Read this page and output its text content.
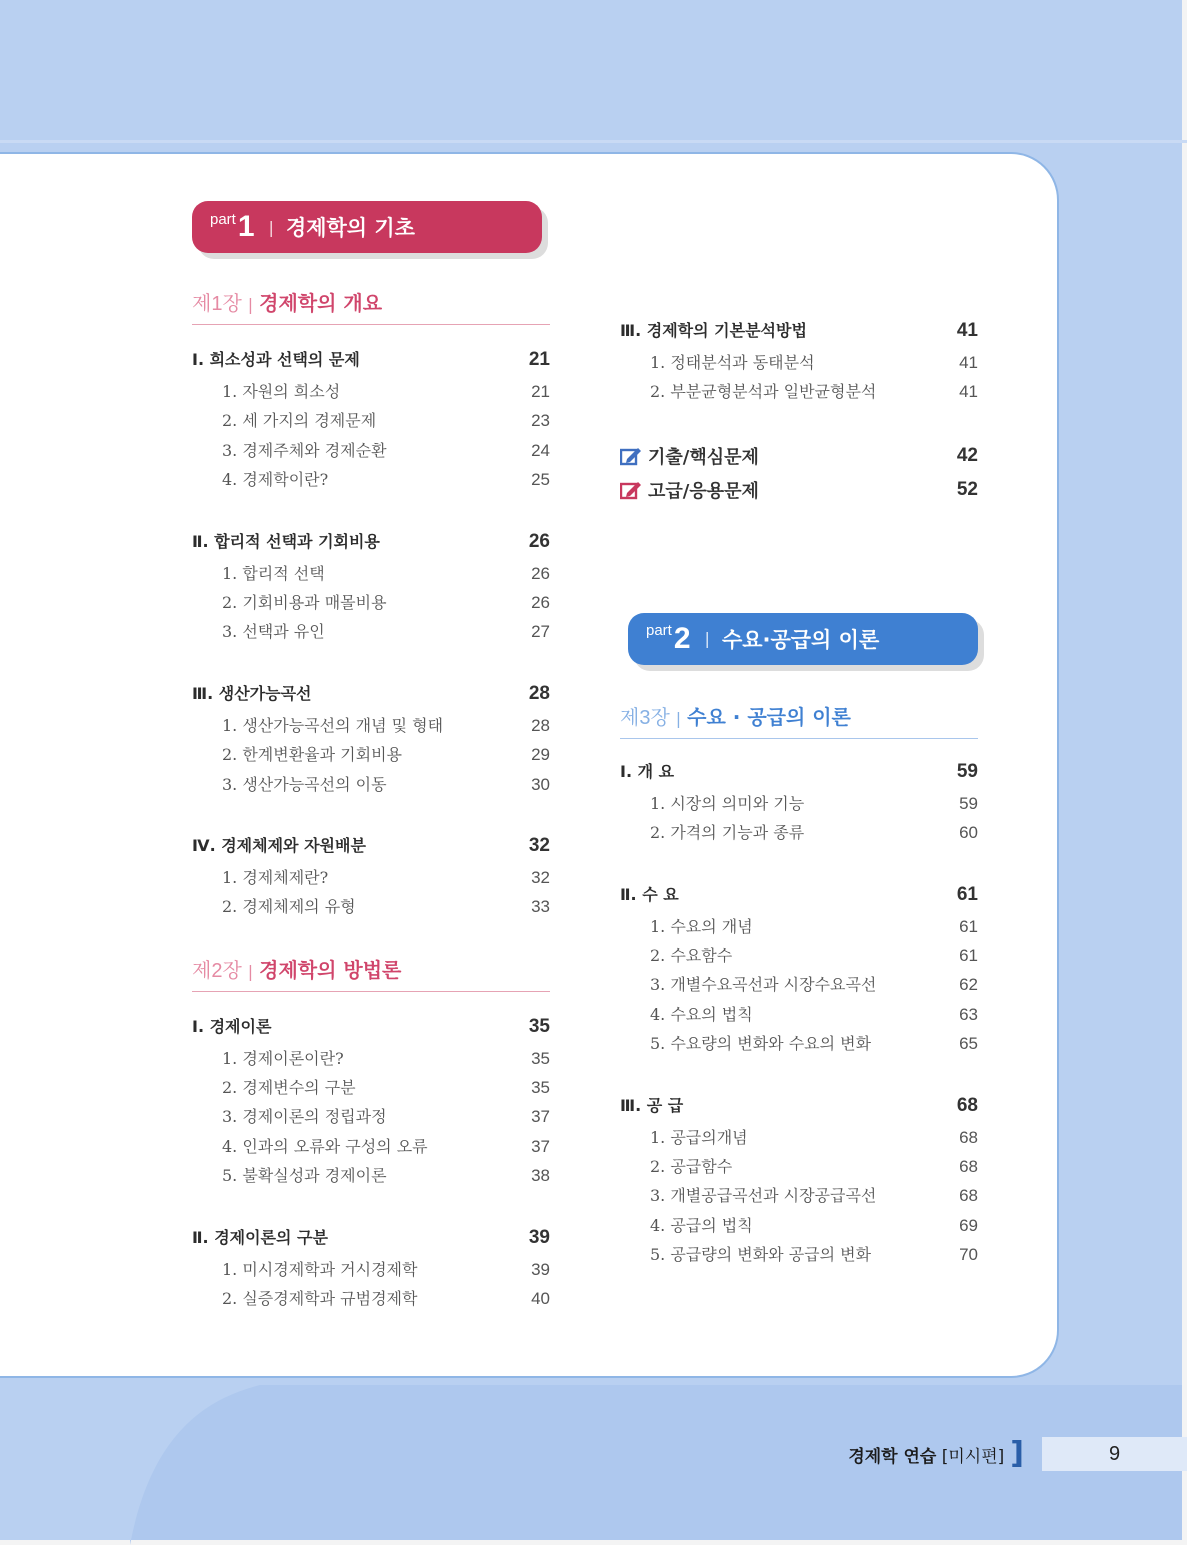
part 1 | 경제학의 기초
제1장 | 경제학의 개요
Ⅰ. 희소성과 선택의 문제	21
1. 자원의 희소성	21
2. 세 가지의 경제문제	23
3. 경제주체와 경제순환	24
4. 경제학이란?	25
Ⅱ. 합리적 선택과 기회비용	26
1. 합리적 선택	26
2. 기회비용과 매몰비용	26
3. 선택과 유인	27
Ⅲ. 생산가능곡선	28
1. 생산가능곡선의 개념 및 형태	28
2. 한계변환율과 기회비용	29
3. 생산가능곡선의 이동	30
Ⅳ. 경제체제와 자원배분	32
1. 경제체제란?	32
2. 경제체제의 유형	33
제2장 | 경제학의 방법론
I. 경제이론	35
1. 경제이론이란?	35
2. 경제변수의 구분	35
3. 경제이론의 정립과정	37
4. 인과의 오류와 구성의 오류	37
5. 불확실성과 경제이론	38
Ⅱ. 경제이론의 구분	39
1. 미시경제학과 거시경제학	39
2. 실증경제학과 규범경제학	40
Ⅲ. 경제학의 기본분석방법	41
1. 정태분석과 동태분석	41
2. 부분균형분석과 일반균형분석	41
기출/핵심문제	42
고급/응용문제	52
part 2 | 수요·공급의 이론
제3장 | 수요 · 공급의 이론
I. 개 요	59
1. 시장의 의미와 기능	59
2. 가격의 기능과 종류	60
Ⅱ. 수 요	61
1. 수요의 개념	61
2. 수요함수	61
3. 개별수요곡선과 시장수요곡선	62
4. 수요의 법칙	63
5. 수요량의 변화와 수요의 변화	65
Ⅲ. 공 급	68
1. 공급의개념	68
2. 공급함수	68
3. 개별공급곡선과 시장공급곡선	68
4. 공급의 법칙	69
5. 공급량의 변화와 공급의 변화	70
경제학 연습 [미시편] ]	9
